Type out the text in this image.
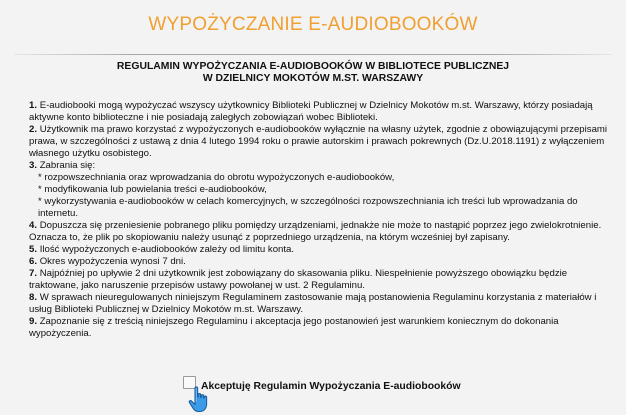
WYPOŻYCZANIE E-AUDIOBOOKÓW
REGULAMIN WYPOŻYCZANIA E-AUDIOBOOKÓW W BIBLIOTECE PUBLICZNEJ
W DZIELNICY MOKOTÓW M.ST. WARSZAWY
1. E-audiobooki mogą wypożyczać wszyscy użytkownicy Biblioteki Publicznej w Dzielnicy Mokotów m.st. Warszawy, którzy posiadają aktywne konto biblioteczne i nie posiadają zaległych zobowiązań wobec Biblioteki.
2. Użytkownik ma prawo korzystać z wypożyczonych e-audiobooków wyłącznie na własny użytek, zgodnie z obowiązującymi przepisami prawa, w szczególności z ustawą z dnia 4 lutego 1994 roku o prawie autorskim i prawach pokrewnych (Dz.U.2018.1191) z wyłączeniem własnego użytku osobistego.
3. Zabrania się:
* rozpowszechniania oraz wprowadzania do obrotu wypożyczonych e-audiobooków,
* modyfikowania lub powielania treści e-audiobooków,
* wykorzystywania e-audiobooków w celach komercyjnych, w szczególności rozpowszechniania ich treści lub wprowadzania do internetu.
4. Dopuszcza się przeniesienie pobranego pliku pomiędzy urządzeniami, jednakże nie może to nastąpić poprzez jego zwielokrotnienie. Oznacza to, że plik po skopiowaniu należy usunąć z poprzedniego urządzenia, na którym wcześniej był zapisany.
5. Ilość wypożyczonych e-audiobooków zależy od limitu konta.
6. Okres wypożyczenia wynosi 7 dni.
7. Najpóźniej po upływie 2 dni użytkownik jest zobowiązany do skasowania pliku. Niespełnienie powyższego obowiązku będzie traktowane, jako naruszenie przepisów ustawy powołanej w ust. 2 Regulaminu.
8. W sprawach nieuregulowanych niniejszym Regulaminem zastosowanie mają postanowienia Regulaminu korzystania z materiałów i usług Biblioteki Publicznej w Dzielnicy Mokotów m.st. Warszawy.
9. Zapoznanie się z treścią niniejszego Regulaminu i akceptacja jego postanowień jest warunkiem koniecznym do dokonania wypożyczenia.
Akceptuję Regulamin Wypożyczania E-audiobooków
